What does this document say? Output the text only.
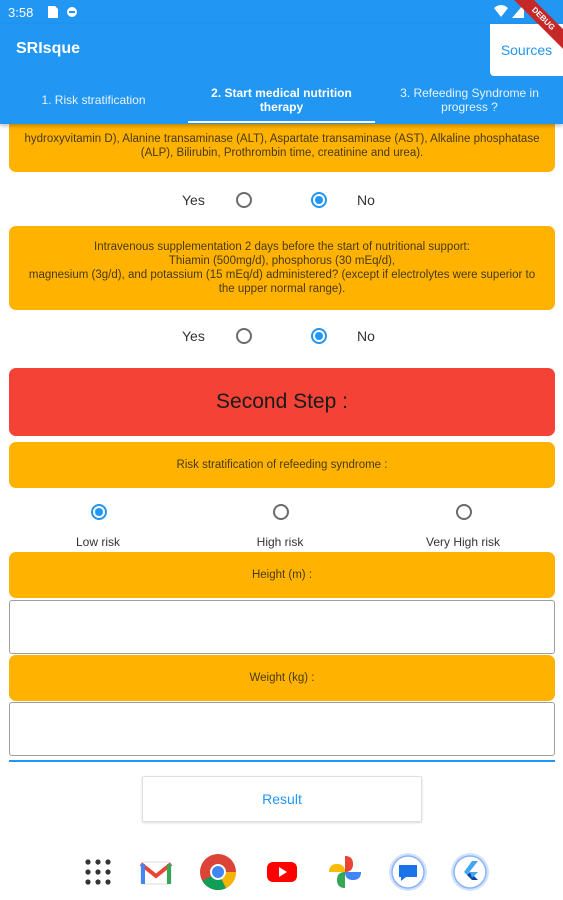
3:58	DEBUG
SRIsque	Sources
1. Risk stratification	2. Start medical nutrition therapy
3. Refeeding Syndrome in progress ?
hydroxyvitamin D), Alanine transaminase (ALT), Aspartate transaminase (AST), Alkaline phosphatase (ALP), Bilirubin, Prothrombin time, creatinine and urea).
Yes	No
Intravenous supplementation 2 days before the start of nutritional support:
Thiamin (500mg/d), phosphorus (30 mEq/d),
magnesium (3g/d), and potassium (15 mEq/d) administered? (except if electrolytes were superior to the upper normal range).
Yes	No
Second Step :
Risk stratification of refeeding syndrome :
Low risk	High risk	Very High risk
Height (m) :
Weight (kg) :
Result
